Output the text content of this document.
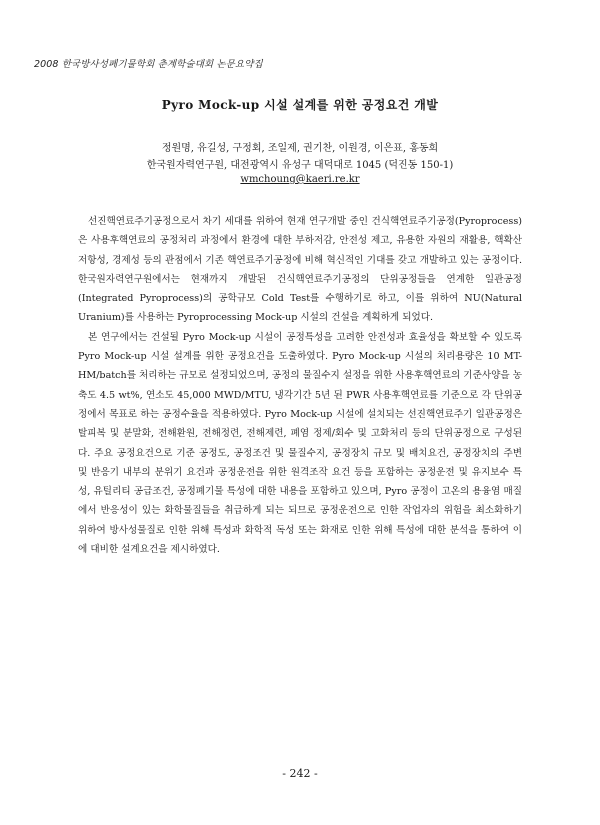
2008 한국방사성폐기물학회 춘계학술대회 논문요약집
Pyro Mock-up 시설 설계를 위한 공정요건 개발
정원명, 유길성, 구정회, 조일제, 권기찬, 이원경, 이은표, 홍동희
한국원자력연구원, 대전광역시 유성구 대덕대로 1045 (덕진동 150-1)
wmchoung@kaeri.re.kr

선진핵연료주기공정으로서 차기 세대를 위하여 현재 연구개발 중인 건식핵연료주기공정(Pyroprocess)은 사용후핵연료의 공정처리 과정에서 환경에 대한 부하저감, 안전성 제고, 유용한 자원의 재활용, 핵확산저항성, 경제성 등의 관점에서 기존 핵연료주기공정에 비해 혁신적인 기대를 갖고 개발하고 있는 공정이다. 한국원자력연구원에서는 현재까지 개발된 건식핵연료주기공정의 단위공정들을 연계한 일관공정(Integrated Pyroprocess)의 공학규모 Cold Test를 수행하기로 하고, 이를 위하여 NU(Natural Uranium)를 사용하는 Pyroprocessing Mock-up 시설의 건설을 계획하게 되었다.

본 연구에서는 건설될 Pyro Mock-up 시설이 공정특성을 고려한 안전성과 효율성을 확보할 수 있도록 Pyro Mock-up 시설 설계를 위한 공정요건을 도출하였다. Pyro Mock-up 시설의 처리용량은 10 MT-HM/batch를 처리하는 규모로 설정되었으며, 공정의 물질수지 설정을 위한 사용후핵연료의 기준사양을 농축도 4.5 wt%, 연소도 45,000 MWD/MTU, 냉각기간 5년 된 PWR 사용후핵연료를 기준으로 각 단위공정에서 목표로 하는 공정수율을 적용하였다. Pyro Mock-up 시설에 설치되는 선진핵연료주기 일관공정은 탈피복 및 분말화, 전해환원, 전해정련, 전해제련, 폐염 정제/회수 및 고화처리 등의 단위공정으로 구성된다. 주요 공정요건으로 기준 공정도, 공정조건 및 물질수지, 공정장치 규모 및 배치요건, 공정장치의 주변 및 반응기 내부의 분위기 요건과 공정운전을 위한 원격조작 요건 등을 포함하는 공정운전 및 유지보수 특성, 유틸리티 공급조건, 공정폐기물 특성에 대한 내용을 포함하고 있으며, Pyro 공정이 고온의 용융염 매질에서 반응성이 있는 화학물질들을 취급하게 되는 되므로 공정운전으로 인한 작업자의 위험을 최소화하기 위하여 방사성물질로 인한 위해 특성과 화학적 독성 또는 화재로 인한 위해 특성에 대한 분석을 통하여 이에 대비한 설계요건을 제시하였다.

- 242 -
